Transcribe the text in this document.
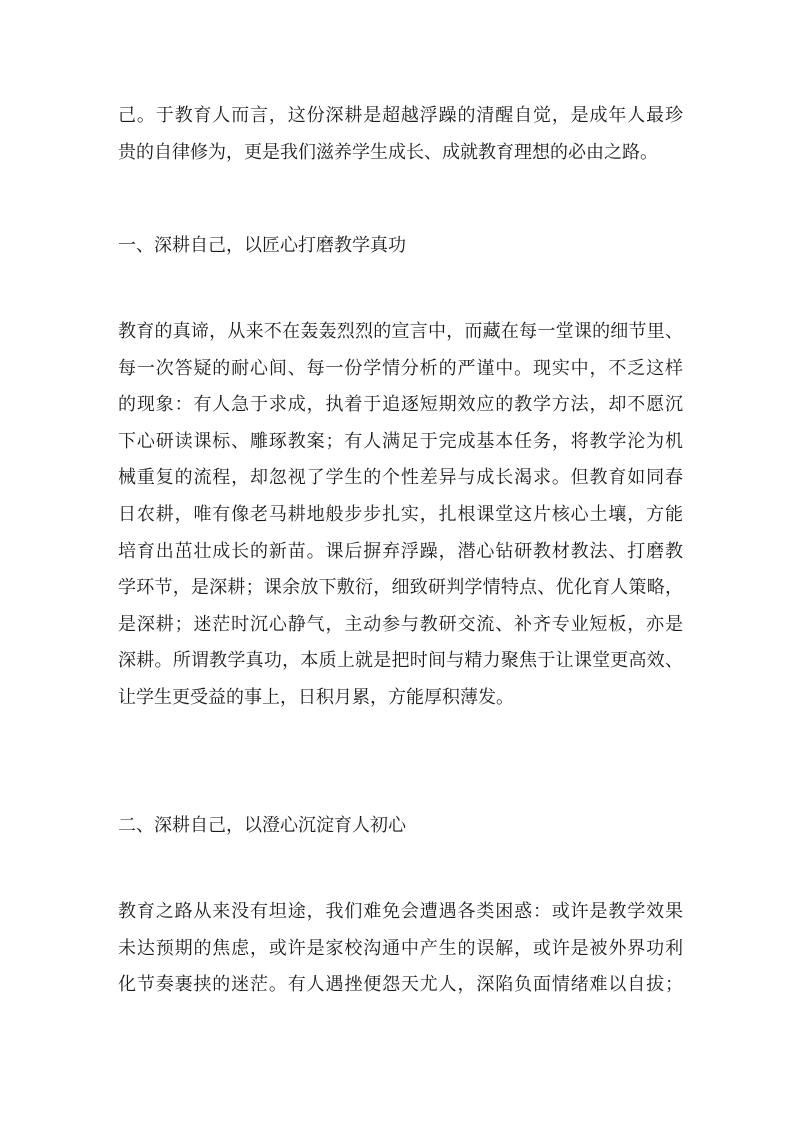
己。于教育人而言，这份深耕是超越浮躁的清醒自觉，是成年人最珍
贵的自律修为，更是我们滋养学生成长、成就教育理想的必由之路。
一、深耕自己，以匠心打磨教学真功
教育的真谛，从来不在轰轰烈烈的宣言中，而藏在每一堂课的细节里、
每一次答疑的耐心间、每一份学情分析的严谨中。现实中，不乏这样
的现象：有人急于求成，执着于追逐短期效应的教学方法，却不愿沉
下心研读课标、雕琢教案；有人满足于完成基本任务，将教学沦为机
械重复的流程，却忽视了学生的个性差异与成长渴求。但教育如同春
日农耕，唯有像老马耕地般步步扎实，扎根课堂这片核心土壤，方能
培育出茁壮成长的新苗。课后摒弃浮躁，潜心钻研教材教法、打磨教
学环节，是深耕；课余放下敷衍，细致研判学情特点、优化育人策略，
是深耕；迷茫时沉心静气，主动参与教研交流、补齐专业短板，亦是
深耕。所谓教学真功，本质上就是把时间与精力聚焦于让课堂更高效、
让学生更受益的事上，日积月累，方能厚积薄发。
二、深耕自己，以澄心沉淀育人初心
教育之路从来没有坦途，我们难免会遭遇各类困惑：或许是教学效果
未达预期的焦虑，或许是家校沟通中产生的误解，或许是被外界功利
化节奏裹挟的迷茫。有人遇挫便怨天尤人，深陷负面情绪难以自拔；
